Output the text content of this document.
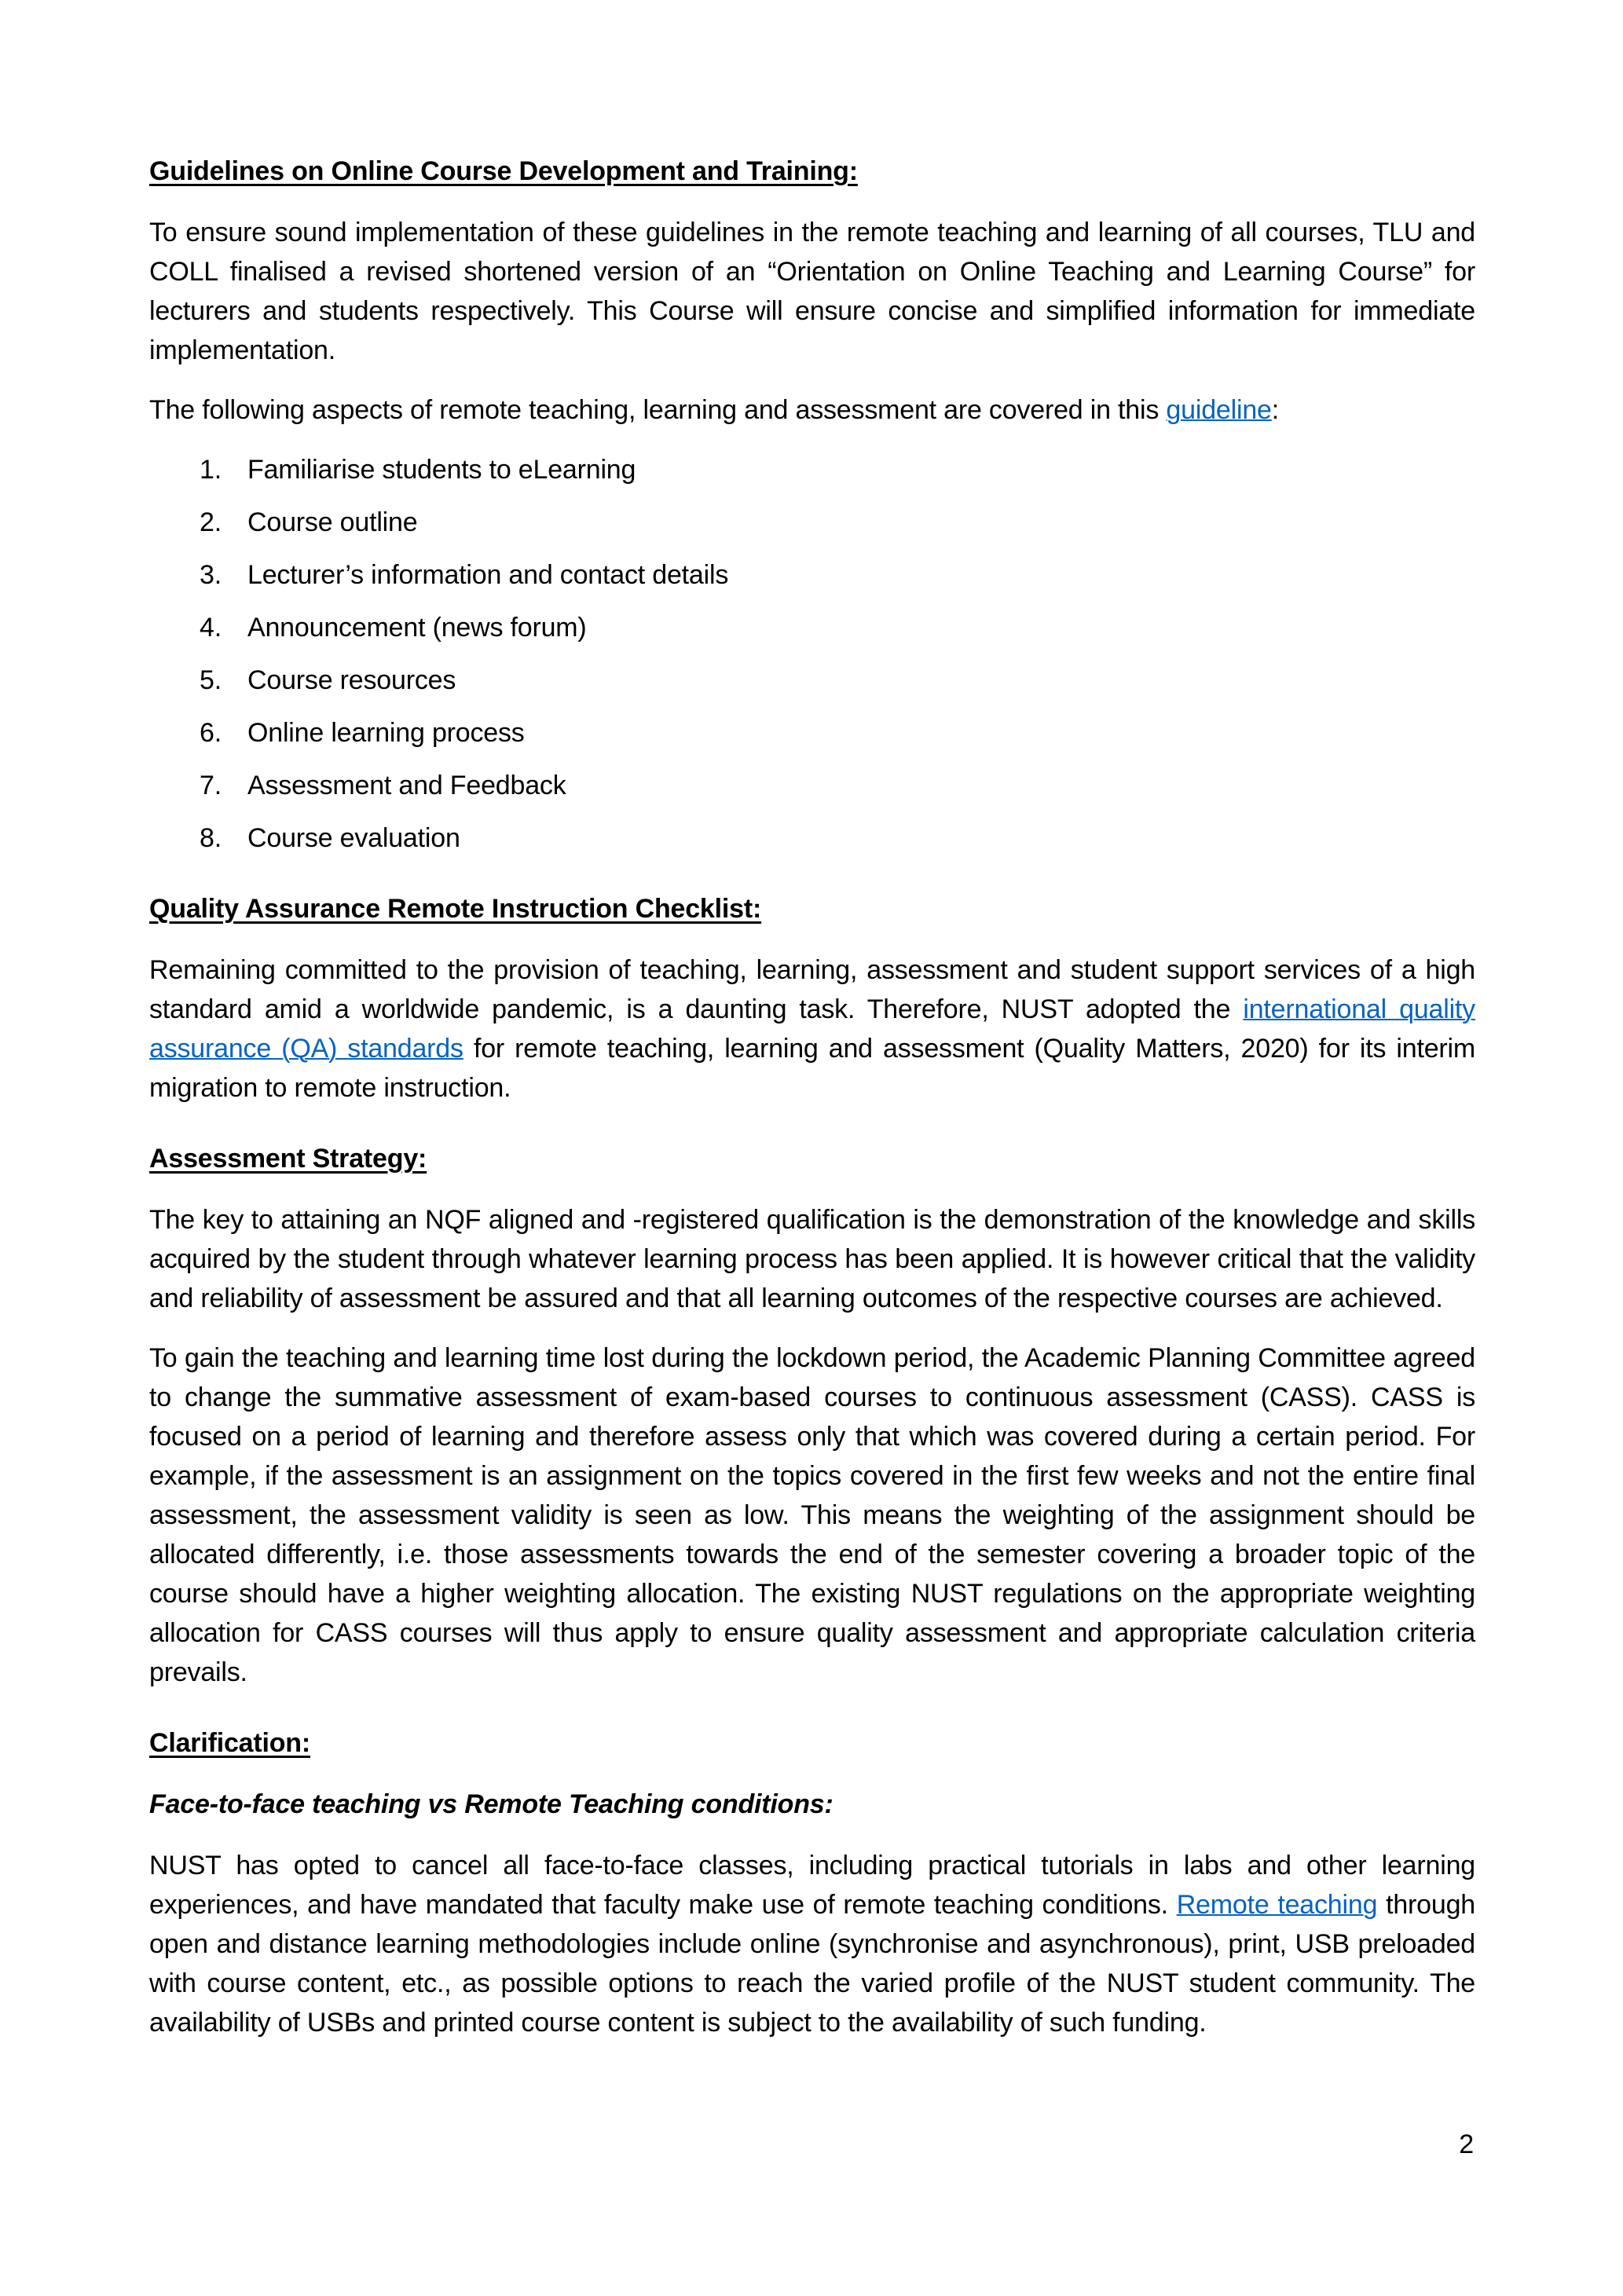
Guidelines on Online Course Development and Training:

To ensure sound implementation of these guidelines in the remote teaching and learning of all courses, TLU and COLL finalised a revised shortened version of an “Orientation on Online Teaching and Learning Course” for lecturers and students respectively. This Course will ensure concise and simplified information for immediate implementation.

The following aspects of remote teaching, learning and assessment are covered in this guideline:

1. Familiarise students to eLearning
2. Course outline
3. Lecturer’s information and contact details
4. Announcement (news forum)
5. Course resources
6. Online learning process
7. Assessment and Feedback
8. Course evaluation
Quality Assurance Remote Instruction Checklist:

Remaining committed to the provision of teaching, learning, assessment and student support services of a high standard amid a worldwide pandemic, is a daunting task. Therefore, NUST adopted the international quality assurance (QA) standards for remote teaching, learning and assessment (Quality Matters, 2020) for its interim migration to remote instruction.

Assessment Strategy:

The key to attaining an NQF aligned and -registered qualification is the demonstration of the knowledge and skills acquired by the student through whatever learning process has been applied. It is however critical that the validity and reliability of assessment be assured and that all learning outcomes of the respective courses are achieved.

To gain the teaching and learning time lost during the lockdown period, the Academic Planning Committee agreed to change the summative assessment of exam-based courses to continuous assessment (CASS). CASS is focused on a period of learning and therefore assess only that which was covered during a certain period. For example, if the assessment is an assignment on the topics covered in the first few weeks and not the entire final assessment, the assessment validity is seen as low. This means the weighting of the assignment should be allocated differently, i.e. those assessments towards the end of the semester covering a broader topic of the course should have a higher weighting allocation. The existing NUST regulations on the appropriate weighting allocation for CASS courses will thus apply to ensure quality assessment and appropriate calculation criteria prevails.

Clarification:
Face-to-face teaching vs Remote Teaching conditions:

NUST has opted to cancel all face-to-face classes, including practical tutorials in labs and other learning experiences, and have mandated that faculty make use of remote teaching conditions. Remote teaching through open and distance learning methodologies include online (synchronise and asynchronous), print, USB preloaded with course content, etc., as possible options to reach the varied profile of the NUST student community. The availability of USBs and printed course content is subject to the availability of such funding.

2
